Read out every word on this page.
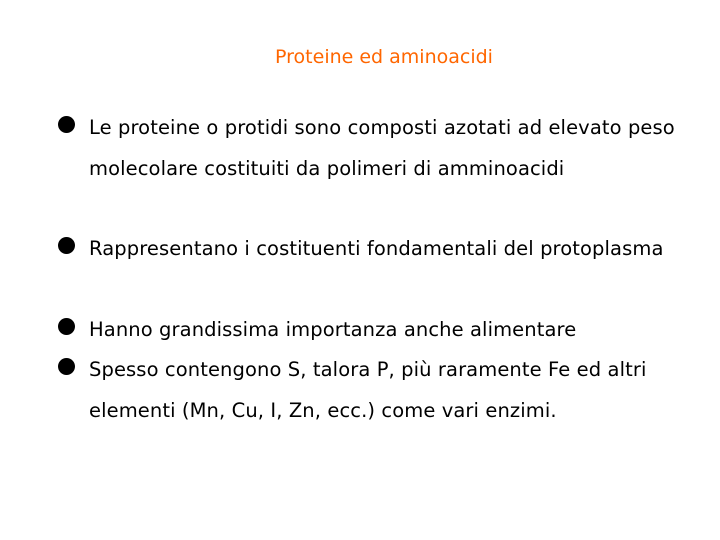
Proteine ed aminoacidi
Le proteine o protidi sono composti azotati ad elevato peso molecolare costituiti da polimeri di amminoacidi
Rappresentano i costituenti fondamentali del protoplasma
Hanno grandissima importanza anche alimentare
Spesso contengono S, talora P, più raramente Fe ed altri elementi (Mn, Cu, I, Zn, ecc.) come vari enzimi.
